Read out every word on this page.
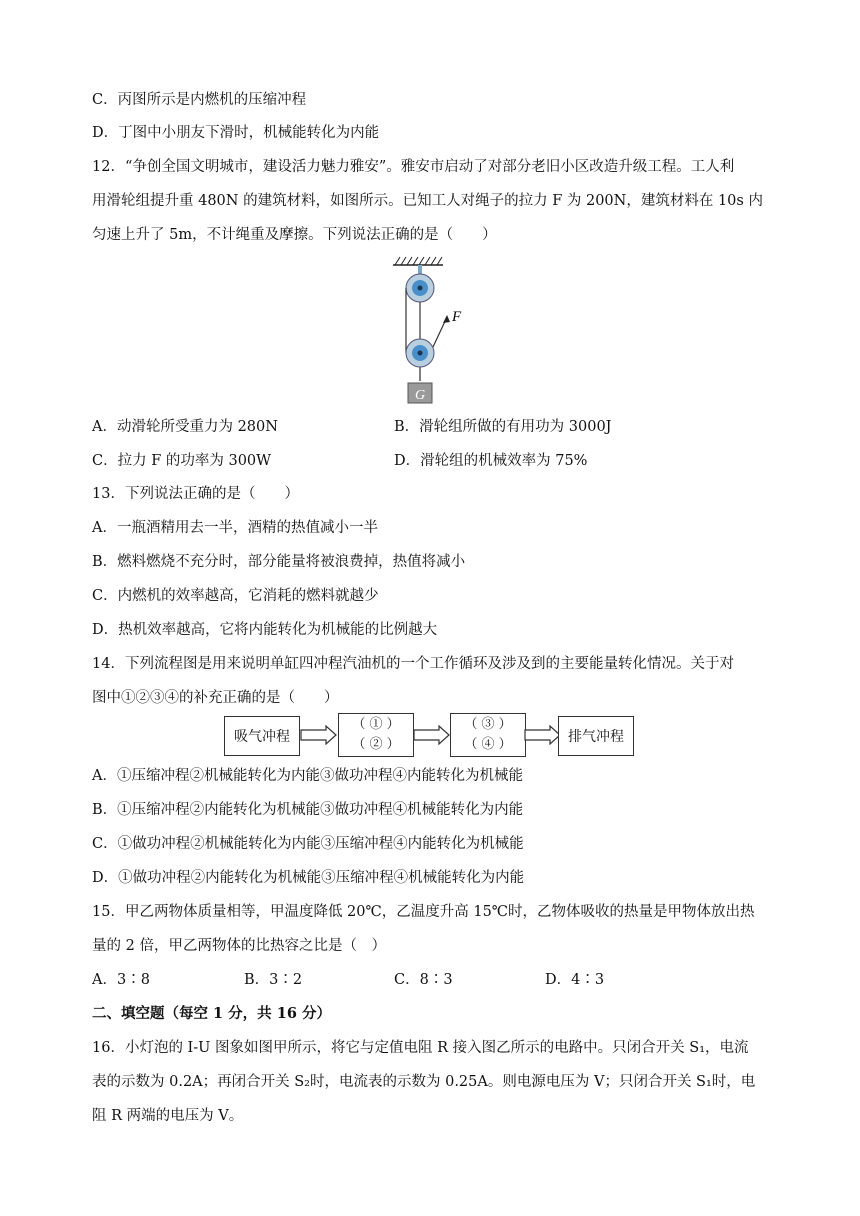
C．丙图所示是内燃机的压缩冲程
D．丁图中小朋友下滑时，机械能转化为内能
12．“争创全国文明城市，建设活力魅力雅安”。雅安市启动了对部分老旧小区改造升级工程。工人利
用滑轮组提升重 480N 的建筑材料，如图所示。已知工人对绳子的拉力 F 为 200N，建筑材料在 10s 内
匀速上升了 5m，不计绳重及摩擦。下列说法正确的是（　　）
F
G
A．动滑轮所受重力为 280N	B．滑轮组所做的有用功为 3000J
C．拉力 F 的功率为 300W	D．滑轮组的机械效率为 75%
13．下列说法正确的是（　　）
A．一瓶酒精用去一半，酒精的热值减小一半
B．燃料燃烧不充分时，部分能量将被浪费掉，热值将减小
C．内燃机的效率越高，它消耗的燃料就越少
D．热机效率越高，它将内能转化为机械能的比例越大
14．下列流程图是用来说明单缸四冲程汽油机的一个工作循环及涉及到的主要能量转化情况。关于对
图中①②③④的补充正确的是（　　）
吸气冲程
（ ① ）
（ ② ）
（ ③ ）
（ ④ ）	排气冲程
A．①压缩冲程②机械能转化为内能③做功冲程④内能转化为机械能
B．①压缩冲程②内能转化为机械能③做功冲程④机械能转化为内能
C．①做功冲程②机械能转化为内能③压缩冲程④内能转化为机械能
D．①做功冲程②内能转化为机械能③压缩冲程④机械能转化为内能
15．甲乙两物体质量相等，甲温度降低 20℃，乙温度升高 15℃时，乙物体吸收的热量是甲物体放出热
量的 2 倍，甲乙两物体的比热容之比是（　）
A．3∶8	B．3∶2	C．8∶3	D．4∶3
二、填空题（每空 1 分，共 16 分）
16．小灯泡的 I-U 图象如图甲所示，将它与定值电阻 R 接入图乙所示的电路中。只闭合开关 S₁，电流
表的示数为 0.2A；再闭合开关 S₂时，电流表的示数为 0.25A。则电源电压为 V；只闭合开关 S₁时，电
阻 R 两端的电压为 V。
